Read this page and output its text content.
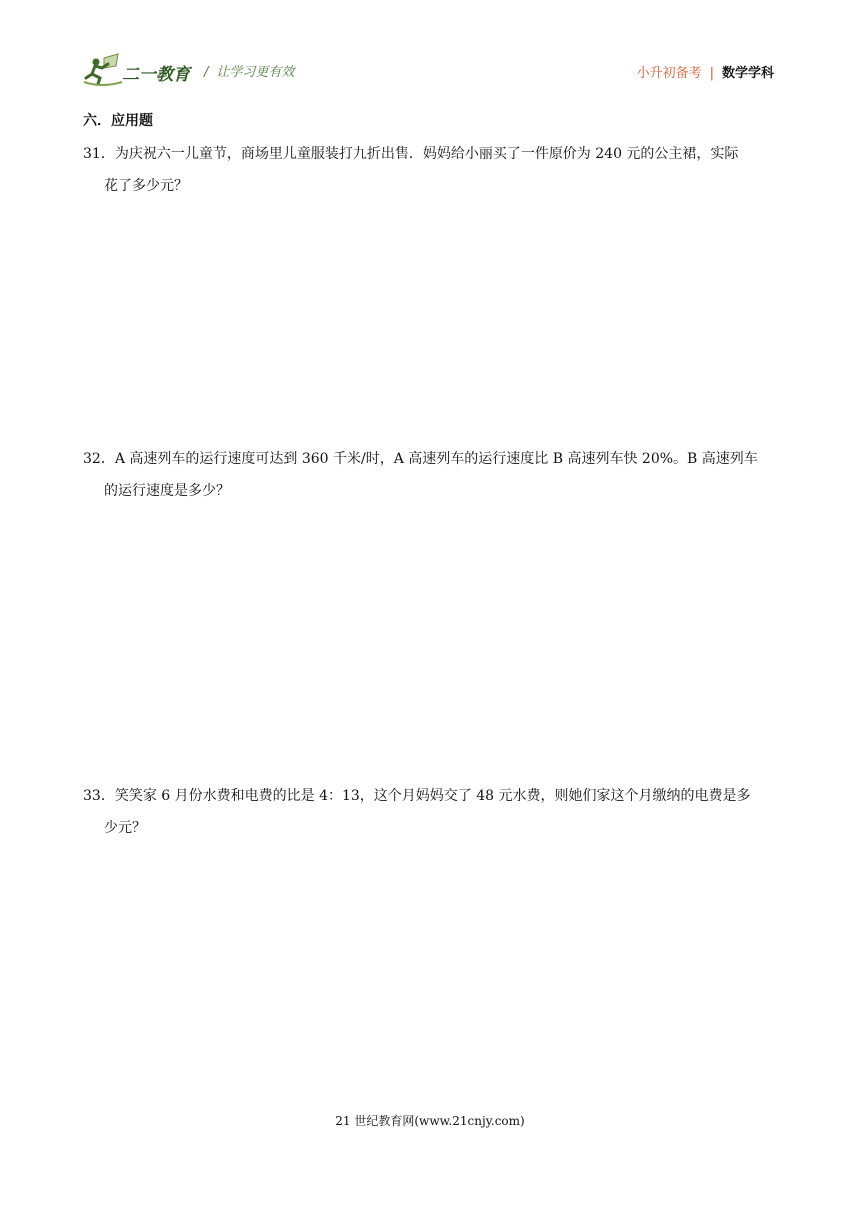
二一教育 / 让学习更有效	小升初备考 | 数学学科
六．应用题
31．为庆祝六一儿童节，商场里儿童服装打九折出售．妈妈给小丽买了一件原价为 240 元的公主裙，实际
花了多少元？
32．A 高速列车的运行速度可达到 360 千米/时，A 高速列车的运行速度比 B 高速列车快 20%。B 高速列车
的运行速度是多少？
33．笑笑家 6 月份水费和电费的比是 4：13，这个月妈妈交了 48 元水费，则她们家这个月缴纳的电费是多
少元？
21 世纪教育网(www.21cnjy.com)
